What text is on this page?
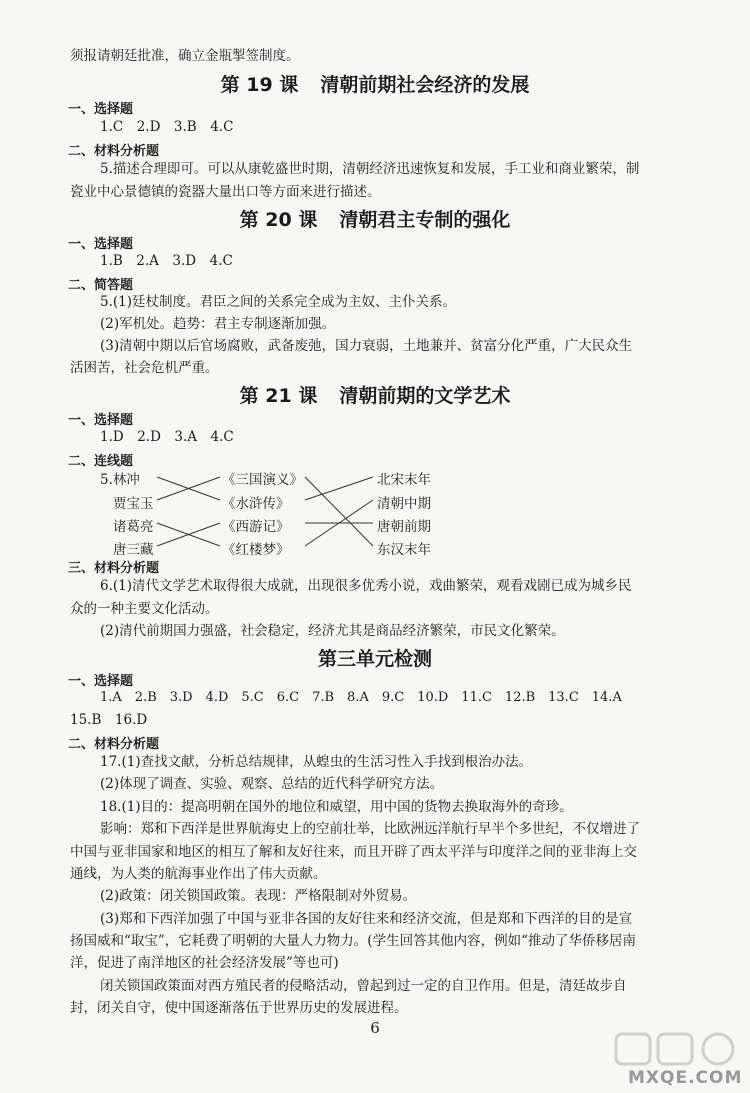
须报请朝廷批准，确立金瓶掣签制度。
第 19 课 清朝前期社会经济的发展
一、选择题
1.C　2.D　3.B　4.C
二、材料分析题
5.描述合理即可。可以从康乾盛世时期，清朝经济迅速恢复和发展，手工业和商业繁荣，制
瓷业中心景德镇的瓷器大量出口等方面来进行描述。
第 20 课 清朝君主专制的强化
一、选择题
1.B　2.A　3.D　4.C
二、简答题
5.(1)廷杖制度。君臣之间的关系完全成为主奴、主仆关系。
(2)军机处。趋势：君主专制逐渐加强。
(3)清朝中期以后官场腐败，武备废弛，国力衰弱，土地兼并、贫富分化严重，广大民众生
活困苦，社会危机严重。
第 21 课 清朝前期的文学艺术
一、选择题
1.D　2.D　3.A　4.C
二、连线题
5.林冲
贾宝玉
诸葛亮
唐三藏
《三国演义》
《水浒传》
《西游记》
《红楼梦》
北宋末年
清朝中期
唐朝前期
东汉末年
三、材料分析题
6.(1)清代文学艺术取得很大成就，出现很多优秀小说，戏曲繁荣，观看戏剧已成为城乡民
众的一种主要文化活动。
(2)清代前期国力强盛，社会稳定，经济尤其是商品经济繁荣，市民文化繁荣。
第三单元检测
一、选择题
1.A　2.B　3.D　4.D　5.C　6.C　7.B　8.A　9.C　10.D　11.C　12.B　13.C　14.A
15.B　16.D
二、材料分析题
17.(1)查找文献，分析总结规律，从蝗虫的生活习性入手找到根治办法。
(2)体现了调查、实验、观察、总结的近代科学研究方法。
18.(1)目的：提高明朝在国外的地位和威望，用中国的货物去换取海外的奇珍。
影响：郑和下西洋是世界航海史上的空前壮举，比欧洲远洋航行早半个多世纪，不仅增进了
中国与亚非国家和地区的相互了解和友好往来，而且开辟了西太平洋与印度洋之间的亚非海上交
通线，为人类的航海事业作出了伟大贡献。
(2)政策：闭关锁国政策。表现：严格限制对外贸易。
(3)郑和下西洋加强了中国与亚非各国的友好往来和经济交流，但是郑和下西洋的目的是宣
扬国威和“取宝”，它耗费了明朝的大量人力物力。(学生回答其他内容，例如“推动了华侨移居南
洋，促进了南洋地区的社会经济发展”等也可)
闭关锁国政策面对西方殖民者的侵略活动，曾起到过一定的自卫作用。但是，清廷故步自
封，闭关自守，使中国逐渐落伍于世界历史的发展进程。
6
MXQE.COM
